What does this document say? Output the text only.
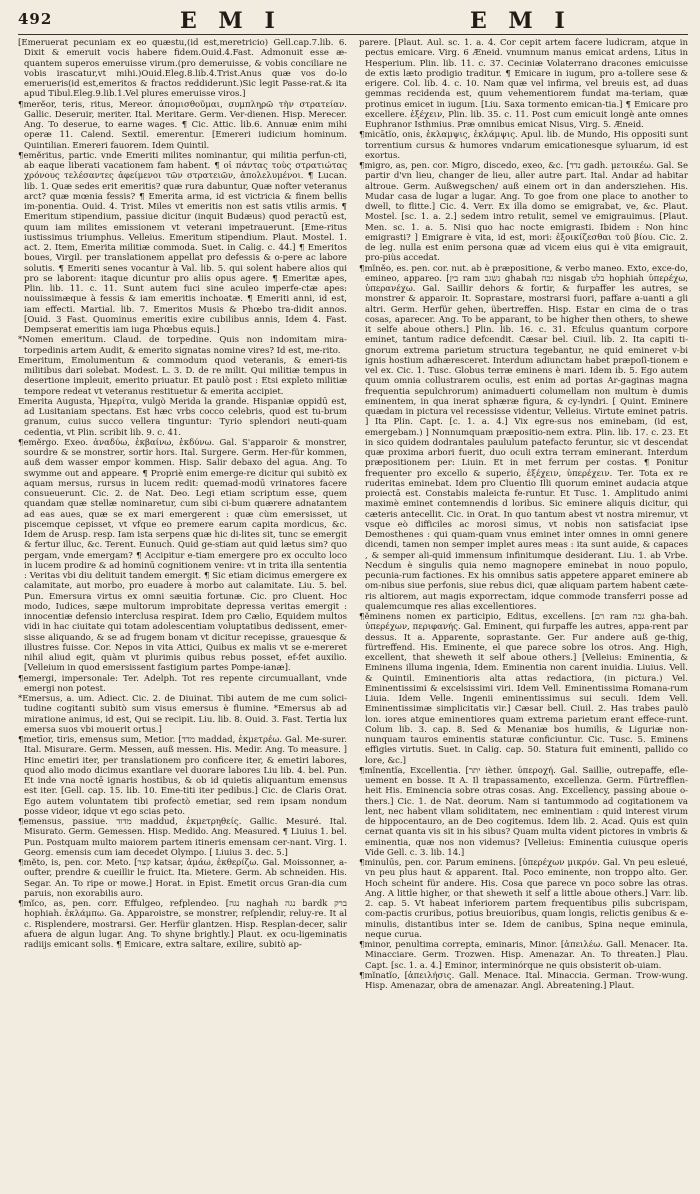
492	E M I	E M I

[Emeruerat pecuniam ex eo quæstu,(id est,meretricio) Gell.cap.7.lib. 6. Dixit & emeruit vocis habere fidem.Ouid.4.Fast. Admonuit esse æ-quantem superos emeruisse virum.(pro demeruisse, & vobis conciliare ne vobis irascatur,vt mihi.)Ouid.Eleg.8.lib.4.Trist.Anus quæ vos do-lo emerueris(id est,emeritos & fractos reddiderunt.)Sic legit Passe-rat.& ita apud Tibul.Eleg.9.lib.1.Vel plures emeruisse viros.]

¶merĕor, teris, ritus, Mereor. ἀπομισθοῦμαι, συμπληρῶ τὴν στρατείαν. Gallic. Deseruir, meriter. Ital. Meritare. Germ. Ver-dienen. Hisp. Merecer. Ang. To deserue, to earne wages. ¶ Cic. Attic. lib.6. Annuæ enim mihi operæ 11. Calend. Sextil. emerentur. [Emereri iudicium hominum. Quintilian. Emereri fauorem. Idem Quintil.

¶emĕritus, partic. vnde Emeriti milites nominantur, qui militia perfun-cti, ab eaque liberati vacationem fam habent. ¶ οἱ πάντας τοὺς στρατιώτας χρόνους τελέσαντες ἀφείμενοι τῶν στρατειῶν, ἀπολελυμένοι. ¶ Lucan. lib. 1. Quæ sedes erit emeritis? quæ rura dabuntur, Quæ nofter veteranus arct? quæ mœnia fessis? ¶ Emerita arma, id est victricia & finem bellis im-ponentia. Ouid. 4. Trist. Miles vt emeritis non est satis vtilis armis. ¶ Emeritum stipendium, passiue dicitur (inquit Budæus) quod peractū est, quum iam milites emissionem vt veterani impetrauerunt. [Eme-ritus iustissimus triumphus. Velleius. Emeritum stipendium. Plaut. Mostel. 1. act. 2. Item, Emerita militiæ commoda. Suet. in Calig. c. 44.] ¶ Emeritos boues, Virgil. per translationem appellat pro defessis & o-pere ac labore solutis. ¶ Emeriti senes vocantur à Val. lib. 5. qui solent habere alios qui pro se laborent: itaque dicuntur pro aliis opus agere. ¶ Emeritæ apes, Plin. lib. 11. c. 11. Sunt autem fuci sine aculeo imperfe-ctæ apes: nouissimæque à fessis & iam emeritis inchoatæ. ¶ Emeriti anni, id est, iam effecti. Martial. lib. 7. Emeritos Musis & Phœbo tra-didit annos. [Ouid. 3 Fast. Quominus emeritis exire cubilibus annis, Idem 4. Fast. Dempserat emeritis iam iuga Phœbus equis.]

*Nomen emeritum. Claud. de torpedine. Quis non indomitam mira-torpedinis artem Audit, & emerito signatas nomine vires? Id est, me-rito.

Emeritum, Emolumentum & commodum quod veteranis, & emeri-tis militibus dari solebat. Modest. L. 3. D. de re milit. Qui militiæ tempus in desertione impleuit, emerito priuatur. Et paulò post : Etsi expleto militiæ tempore redeat vt veteranus restituetur & emerita accipiet.

Emerita Augusta, Ἠμερίτα, vulgò Merida la grande. Hispaniæ oppidū est, ad Lusitaniam spectans. Est hæc vrbs cocco celebris, quod est tu-brum granum, cuius succo vellera tinguntur: Tyrio splendori neuti-quam cedentia, vt Plin. scribit lib. 9. c. 41.

¶emĕrgo. Exeo. ἀναδύω, ἐκβαίνω, ἐκδύνω. Gal. S'apparoir & monstrer, sourdre & se monstrer, sortir hors. Ital. Surgere. Germ. Her-für kommen, auß dem wasser empor kommen. Hisp. Salir debaxo del agua. Ang. To swymme out and appeare. ¶ Propriè enim emerge-re dicitur qui subitò ex aquam mersus, rursus in lucem redit: quemad-modū vrinatores facere consueuerunt. Cic. 2. de Nat. Deo. Legi etiam scriptum esse, quem quandam quæ stellæ nominaretur, cum sibi ci-bum quærere adnatantem ad eas aues, quæ se ex mari emergerent : quæ cùm emersisset, ut piscemque cepisset, vt vfque eo premere earum capita mordicus, &c. Idem de Arusp. resp. Iam ista serpens quæ hic di-lites sit, tunc se emergit & fertur illuc, &c. Terent. Eunuch. Quid ge-stiam aut quid lætus sim? quo pergam, vnde emergam? ¶ Accipitur e-tiam emergere pro ex occulto loco in lucem prodire & ad hominū cognitionem venire: vt in trita illa sententia : Veritas vbi diu delituit tandem emergit. ¶ Sic etiam dicimus emergere ex calamitate, aut morbo, pro euadere à morbo aut calamitate. Liu. 5. bel. Pun. Emersura virtus ex omni sæuitia fortunæ. Cic. pro Cluent. Hoc modo, Iudices, sæpe multorum improbitate depressa veritas emergit : innocentiæ defensio interclusa respirat. Idem pro Cælio, Equidem multos vidi in hac ciuitate qui totam adolescentiam voluptatibus dedissent, emer-sisse aliquando, & se ad frugem bonam vt dicitur recepisse, grauesque & illustres fuisse. Cor. Nepos in vita Attici, Quibus ex malis vt se e-mereret nihil aliud egit, quàm vt plurimis quibus rebus posset, ef-fet auxilio. [Velleium in quod emersissent fastigium partes Pompe-ianæ].

¶emergi, impersonale: Ter. Adelph. Tot res repente circumuallant, vnde emergi non potest.

*Emersus, a. um. Adiect. Cic. 2. de Diuinat. Tibi autem de me cum solici-tudine cogitanti subitò sum visus emersus è flumine. *Emersus ab ad miratione animus, id est, Qui se recipit. Liu. lib. 8. Ouid. 3. Fast. Tertia lux emersa suos vbi mouerit ortus.]

¶metīor, tiris, emensus sum, Metior. [מדד maddad, ἐκμετρέω. Gal. Me-surer. Ital. Misurare. Germ. Messen, auß messen. His. Medir. Ang. To measure. ] Hinc emetiri iter, per translationem pro conficere iter, & emetiri labores, quod alio modo dicimus exantlare vel duorare labores Liu lib. 4. bel. Pun. Et inde vna noctē ignaris hostibus, & ob id quietis aliquantum emensus est iter. [Gell. cap. 15. lib. 10. Eme-titi iter pedibus.] Cic. de Claris Orat. Ego autem voluntatem tibi profectò emetiar, sed rem ipsam nondum posse videor, idque vt ego scias peto.

¶emensus, passiue. מדוד maddud, ἐκμετρηθείς. Gallic. Mesuré. Ital. Misurato. Germ. Gemessen. Hisp. Medido. Ang. Measured. ¶ Liuius 1. bel. Pun. Postquam multo maiorem partem itineris emensam cer-nant. Virg. 1. Georg. emensis cum iam decedet Olympo. [ Liuius 3. dec. 5.]

¶mĕto, is, pen. cor. Meto. [קצר katsar, ἀμάω, ἐκθερίζω. Gal. Moissonner, a-oufter, prendre & cueillir le fruict. Ita. Mietere. Germ. Ab schneiden. His. Segar. An. To ripe or mowe.] Horat. in Epist. Emetit orcus Gran-dia cum paruis, non exorabilis auro.

¶mĭco, as, pen. corr. Effulgeo, refplendeo. [נגה naghah נגה bardk ברק hophiah. ἐκλάμπω. Ga. Apparoistre, se monstrer, reſplendir, reluy-re. It al c. Risplendere, mostrarsi. Ger. Herfür glantzen. Hisp. Resplan-decer, salir afuera de algun lugar. Ang. To shyne brightly.] Plaut. ex ocu-ligeminatis radiijs emicant solis. ¶ Emicare, extra saltare, exilire, subitò ap-

parere. [Plaut. Aul. sc. 1. a. 4. Cor cepit artem facere ludicram, atque in pectus emicare. Virg. 6 Æneid. vnumnum manus emicat ardens, Litus in Hesperium. Plin. lib. 11. c. 37. Ceciniæ Volaterrano dracones emicuisse de extis læto prodigio traditur. ¶ Emicare in iugum, pro a-tollere sese & erigere. Col. lib. 4. c. 10. Nam quæ vel infirma, vel breuis est, ad duas gemmas recidenda est, quum vehementiorem fundat ma-teriam, quæ protinus emicet in iugum. [Liu. Saxa tormento emican-tia.] ¶ Emicare pro excellere. ἐξέχειν, Plin. lib. 35. c. 11. Post cum emicuit longè ante omnes Euphranor Isthmius. Præ omnibus emicat Nisus, Virg. 5. Æneid.

¶micātĭo, onis, ἐκλαμψις, ἐκλάμψις. Apul. lib. de Mundo, His oppositi sunt torrentium cursus & humores vndarum emicationesque syluarum, id est exortus.

¶migro, as, pen. cor. Migro, discedo, exeo, &c. [נדד gadh. μετοικέω. Gal. Se partir d'vn lieu, changer de lieu, aller autre part. Ital. Andar ad habitar altroue. Germ. Außwegschen/ auß einem ort in dan andersziehen. His. Mudar casa de lugar a lugar. Ang. To goe from one place to another to dwell, to flitte.] Cic. 4. Verr. Ex illa domo se emigrabat, ve, &c. Plaut. Mostel. [sc. 1. a. 2.] sedem intro retulit, semel ve emigrauimus. [Plaut. Men. sc. 1. a. 5. Nisi quo hac nocte emigrasti. Ibidem : Non hinc emigrasti? ] Emigrare è vita, id est, mori: ἐξοικίζεσθαι τοῦ βίου. Cic. 2. de leg. nulla est enim persona quæ ad vicem eius qui è vita emigrauit, pro-piùs accedat.

¶mĭnĕo, es. pen. cor. nut. ab è præpositione, & verbo maneo. Exto, exce-do, emineo, appareo. [בין ram נשגב ghabah גבה nisgab בלט hophiah ὑπερέχω, ὑπερανέχω. Gal. Saillir dehors & fortir, & furpaffer les autres, se monstrer & apparoir. It. Soprastare, mostrarsi fuori, paffare a-uanti a gli altri. Germ. Herfür gehen, übertreffen. Hisp. Estar en cima de o tras cosas, aparecer. Ang. To be apparant, to be higher then others, to shewe it selfe aboue others.] Plin. lib. 16. c. 31. Efculus quantum corpore eminet, tantum radice defcendit. Cæsar bel. Ciuil. lib. 2. Ita capiti ti-gnorum extrema parietum structura tegebantur, ne quid emineret v-bi ignis hostium adhæresceret. Interdum adiunctam habet præpoſi-tionem e vel ex. Cic. 1. Tusc. Globus terræ eminens è mari. Idem ib. 5. Ego autem quum omnia collustrarem oculis, est enim ad portas Ar-gaginas magna frequentia sepulchrorum) animaduerti columellam non multum è dumis eminentem, in qua inerat sphæræ figura, & cy-lyndri. [ Quint. Eminere quædam in pictura vel recessisse videntur, Velleius. Virtute eminet patris. ] Ita Plin. Capt. [c. 1. a. 4.] Vix egre-sus nos eminebam, (id est, emergebam.) ] Nonnumquam præpositio-nem extra. Plin. lib. 17. c. 23. Et in sico quidem dodrantales paululum patefacto feruntur, sic vt descendat quæ proxima arbori fuerit, duo oculi extra terram eminerant. Interdum præpositionem per: Liuin. Et in met ferrum per costas. ¶ Ponitur frequenter pro excello & superio, ἐξέχειν, ὑπερέχειν. Ter. Tota ex re ruderitas eminebat. Idem pro Cluentio Illi quorum eminet audacia atque proiectā est. Constabis maleicta fe-runtur. Et Tusc. 1. Amplitudo animi maximè eminet contemnendis d loribus. Sic eminere aliquis dicitur, qui cæteris antecellit. Cic. in Orat. In quo tantum abest vt nostra miremur, vt vsque eò difficiles ac morosi simus, vt nobis non satisfaciat ipse Demosthenes : qui quam-quam vnus eminet inter omnes in omni genere dicendi, tamen non semper implet aures meas : ita sunt auide, & capaces , & semper ali-quid immensum infinitumque desiderant. Liu. 1. ab Vrbe. Necdum è singulis quia nemo magnopere eminebat in nouo populo, pecunia-rum factiones. Ex his omnibus satis appetere apparet eminere ab om-nibus siue perfonis, siue rebus dici, quæ aliquam partem habent cæte-ris altiorem, aut magis exporrectam, idque commode transferri posse ad qualemcumque res alias excellentiores.

¶ĕminens nomen ex participio, Editus, excellens. [רם ram גבה gha-bah. ὑπερέχων, περιφανής. Gal. Eminent, qui furpaffe les autres, appa-rent par dessus. It a. Apparente, soprastante. Ger. Fur andere auß ge-thig, fürtreffend. His. Eminente, el que parece sobre los otros. Ang. High, excellent, that sheweth it self aboue others.] [Velleius: Eminentia, & Eminens illuma ingenia, Idem. Eminentia non carent inuidia. Liuius. Vell. & Quintil. Eminentioris alta attas redactiora, (in pictura.) Vel. Eminentissimi & excelsissimi viri. Idem Vell. Eminentissima Romana-rum Liuia. Idem Velle. Ingenii eminentissimus sui seculi. Idem Vell. Eminentissimæ simplicitatis vir.] Cæsar bell. Ciuil. 2. Has trabes paulò lon. iores atque eminentiores quam extrema parietum erant effece-runt. Colum lib. 3. cap. 8. Sed & Menaniæ bos humilis, & Liguriæ non-nunquam tauros eminentis staturæ conficiuntur. Cic. Tusc. 5. Eminens effigies virtutis. Suet. in Calig. cap. 50. Statura fuit eminenti, pallido co lore, &c.]

¶mĭnentĭa, Excellentia. [יתר ièther. ὑπεροχή. Gal. Saillie, outrepaffe, eſle-uement en bosse. It A. Il trapassamento, excellenza. Germ. Fürtrefflen-heit His. Eminencia sobre otras cosas. Ang. Excellency, passing aboue o-thers.] Cic. 1. de Nat. deorum. Nam si tantummodo ad cogitationem va lent, nec habent vllam soliditatem, nec eminentiam : quid interest virum de hippocentauro, an de Deo cogitemus. Idem lib. 2. Acad. Quis est quin cernat quanta vis sit in his sibus? Quam multa vident pictores in vmbris & eminentia, quæ nos non videmus? [Velleius: Eminentia cuiusque operis Vide Gell. c. 3. lib. 14.]

¶minulūs, pen. cor. Parum eminens. [ὑπερέχων μικρόν. Gal. Vn peu esleué, vn peu plus haut & apparent. Ital. Poco eminente, non troppo alto. Ger. Hoch scheint für andere. His. Cosa que parece vn poco sobre las otras. Ang. A little higher, or that sheweth it self a little aboue others.] Varr. lib. 2. cap. 5. Vt habeat inferiorem partem frequentibus pilis subcrispam, com-pactis cruribus, potius breuioribus, quam longis, relictis genibus & e-minulis, distantibus inter se. Idem de canibus, Spina neque eminula, neque curua.

¶minor, penultima correpta, eminaris, Minor. [ἀπειλέω. Gall. Menacer. Ita. Minacciare. Germ. Trozwen. Hisp. Amenazar. An. To threaten.] Plau. Capt. [sc. 1. a. 4.] Eminor, interminórque ne quis obsisterit ob-uiam.

¶mĭnatĭo, [ἀπειλήσις. Gall. Menace. Ital. Minaccia. German. Trow-wung. Hisp. Amenazar, obra de amenazar. Angl. Abreatening.] Plaut.
